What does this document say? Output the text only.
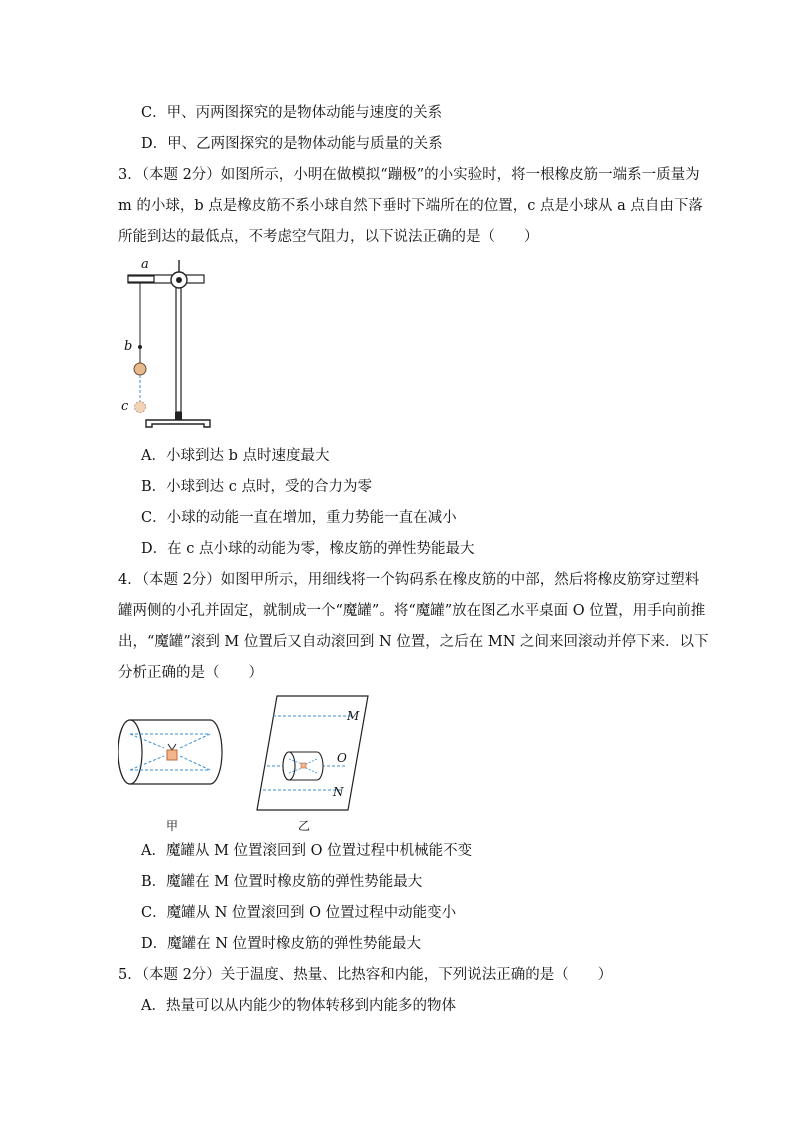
C．甲、丙两图探究的是物体动能与速度的关系
D．甲、乙两图探究的是物体动能与质量的关系
3．（本题 2分）如图所示，小明在做模拟“蹦极”的小实验时，将一根橡皮筋一端系一质量为
m 的小球，b 点是橡皮筋不系小球自然下垂时下端所在的位置，c 点是小球从 a 点自由下落
所能到达的最低点，不考虑空气阻力，以下说法正确的是（　　）
a
b
c
A．小球到达 b 点时速度最大
B．小球到达 c 点时，受的合力为零
C．小球的动能一直在增加，重力势能一直在减小
D．在 c 点小球的动能为零，橡皮筋的弹性势能最大
4．（本题 2分）如图甲所示，用细线将一个钩码系在橡皮筋的中部，然后将橡皮筋穿过塑料
罐两侧的小孔并固定，就制成一个“魔罐”。将“魔罐”放在图乙水平桌面 O 位置，用手向前推
出，“魔罐”滚到 M 位置后又自动滚回到 N 位置，之后在 MN 之间来回滚动并停下来．以下
分析正确的是（　　）
M
O
N
甲	乙
A．魔罐从 M 位置滚回到 O 位置过程中机械能不变
B．魔罐在 M 位置时橡皮筋的弹性势能最大
C．魔罐从 N 位置滚回到 O 位置过程中动能变小
D．魔罐在 N 位置时橡皮筋的弹性势能最大
5．（本题 2分）关于温度、热量、比热容和内能，下列说法正确的是（　　）
A．热量可以从内能少的物体转移到内能多的物体
